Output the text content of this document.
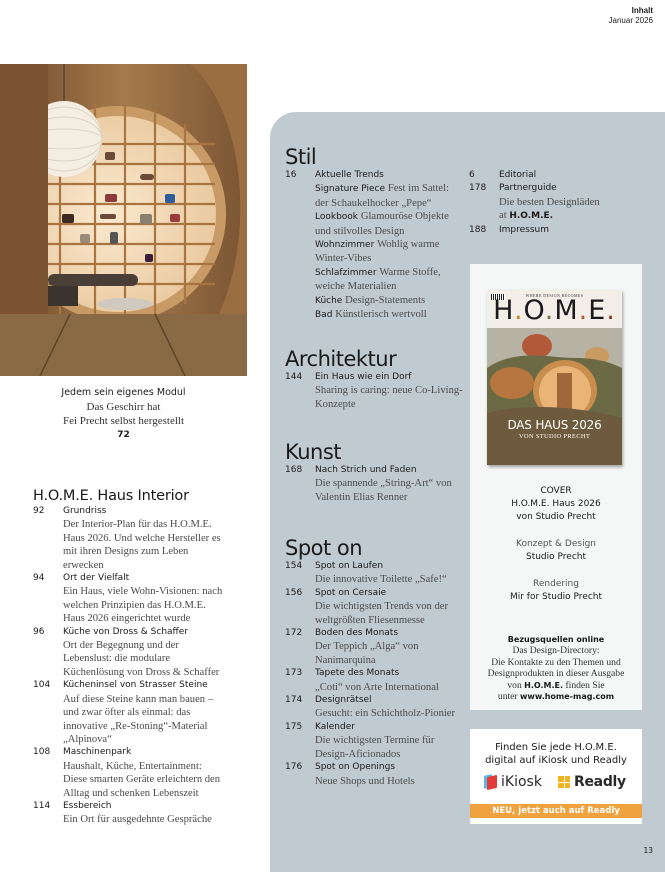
Inhalt
Januar 2026
Jedem sein eigenes Modul
Das Geschirr hat
Fei Precht selbst hergestellt
72
Stil
16 Aktuelle Trends
Signature Piece Fest im Sattel: der Schaukelhocker „Pepe“
Lookbook Glamouröse Objekte und stilvolles Design
Wohnzimmer Wohlig warme Winter-Vibes
Schlafzimmer Warme Stoffe, weiche Materialien
Küche Design-Statements
Bad Künstlerisch wertvoll
6	Editorial
178 Partnerguide
Die besten Designläden
at H.O.M.E.
188 Impressum
Architektur
144 Ein Haus wie ein Dorf
Sharing is caring: neue Co-Living-Konzepte
Kunst
168 Nach Strich und Faden
Die spannende „String-Art“ von Valentin Elias Renner
Spot on
154 Spot on Laufen
Die innovative Toilette „Safe!“
156 Spot on Cersaie
Die wichtigsten Trends von der weltgrößten Fliesenmesse
172 Boden des Monats
Der Teppich „Alga“ von Nanimarquina
173 Tapete des Monats
„Coti“ von Arte International
174 Designrätsel
Gesucht: ein Schichtholz-Pionier
175 Kalender
Die wichtigsten Termine für Design-Aficionados
176 Spot on Openings
Neue Shops und Hotels
H.O.M.E. Haus Interior
92 Grundriss
Der Interior-Plan für das H.O.M.E. Haus 2026. Und welche Hersteller es mit ihren Designs zum Leben erwecken
94 Ort der Vielfalt
Ein Haus, viele Wohn-Visionen: nach welchen Prinzipien das H.O.M.E. Haus 2026 eingerichtet wurde
96 Küche von Dross & Schaffer
Ort der Begegnung und der Lebenslust: die modulare Küchenlösung von Dross & Schaffer
104 Kücheninsel von Strasser Steine
Auf diese Steine kann man bauen – und zwar öfter als einmal: das innovative „Re-Stoning“-Material „Alpinova“
108 Maschinenpark
Haushalt, Küche, Entertainment: Diese smarten Geräte erleichtern den Alltag und schenken Lebenszeit
114 Essbereich
Ein Ort für ausgedehnte Gespräche
WHERE DESIGN BECOMES
H.O.M.E.
DAS HAUS 2026
VON STUDIO PRECHT
COVER
H.O.M.E. Haus 2026
von Studio Precht
Konzept & Design
Studio Precht
Rendering
Mir for Studio Precht
Bezugsquellen online
Das Design-Directory:
Die Kontakte zu den Themen und
Designprodukten in dieser Ausgabe
von H.O.M.E. finden Sie
unter www.home-mag.com
Finden Sie jede H.O.M.E.
digital auf iKiosk und Readly
iKiosk Readly
NEU, jetzt auch auf Readly
13
